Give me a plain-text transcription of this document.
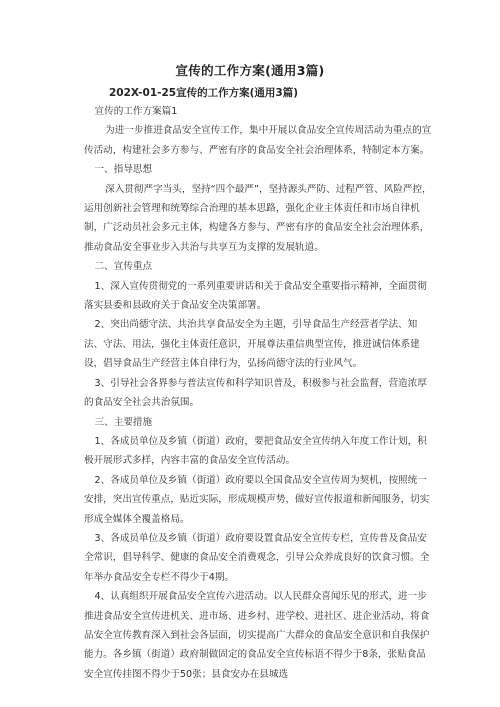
宣传的工作方案(通用3篇)
202X-01-25宣传的工作方案(通用3篇)

宣传的工作方案篇1

为进一步推进食品安全宣传工作，集中开展以食品安全宣传周活动为重点的宣传活动，构建社会多方参与、严密有序的食品安全社会治理体系，特制定本方案。

一、指导思想

深入贯彻严字当头，坚持“四个最严”，坚持源头严防、过程严管、风险严控，运用创新社会管理和统筹综合治理的基本思路，强化企业主体责任和市场自律机制，广泛动员社会多元主体，构建各方参与、严密有序的食品安全社会治理体系，推动食品安全事业步入共治与共享互为支撑的发展轨道。

二、宣传重点

1、深入宣传贯彻党的一系列重要讲话和关于食品安全重要指示精神，全面贯彻落实县委和县政府关于食品安全决策部署。

2、突出尚德守法、共治共享食品安全为主题，引导食品生产经营者学法、知法、守法、用法，强化主体责任意识，开展尊法重信典型宣传，推进诚信体系建设，倡导食品生产经营主体自律行为，弘扬尚德守法的行业风气。

3、引导社会各界参与普法宣传和科学知识普及，积极参与社会监督，营造浓厚的食品安全社会共治氛围。

三、主要措施

1、各成员单位及乡镇（街道）政府，要把食品安全宣传纳入年度工作计划，积极开展形式多样，内容丰富的食品安全宣传活动。

2、各成员单位及乡镇（街道）政府要以全国食品安全宣传周为契机，按照统一安排，突出宣传重点，贴近实际，形成规模声势，做好宣传报道和新闻服务，切实形成全媒体全覆盖格局。

3、各成员单位及乡镇（街道）政府要设置食品安全宣传专栏，宣传普及食品安全常识，倡导科学、健康的食品安全消费观念，引导公众养成良好的饮食习惯。全年举办食品安全专栏不得少于4期。

4、认真组织开展食品安全宣传六进活动。以人民群众喜闻乐见的形式，进一步推进食品安全宣传进机关、进市场、进乡村、进学校、进社区、进企业活动，将食品安全宣传教育深入到社会各层面，切实提高广大群众的食品安全意识和自我保护能力。各乡镇（街道）政府制做固定的食品安全宣传标语不得少于8条，张贴食品安全宣传挂图不得少于50张；县食安办在县城选
